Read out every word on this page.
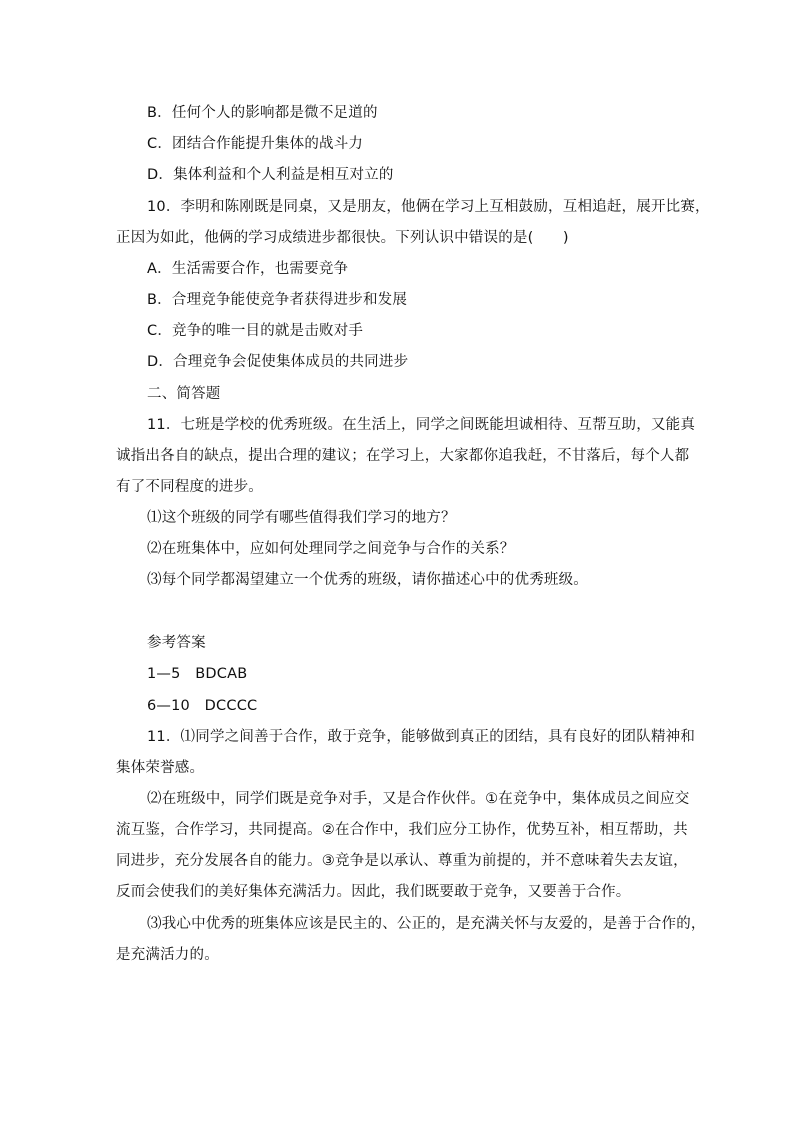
B．任何个人的影响都是微不足道的
C．团结合作能提升集体的战斗力
D．集体利益和个人利益是相互对立的
10．李明和陈刚既是同桌，又是朋友，他俩在学习上互相鼓励，互相追赶，展开比赛，
正因为如此，他俩的学习成绩进步都很快。下列认识中错误的是(　　)
A．生活需要合作，也需要竞争
B．合理竞争能使竞争者获得进步和发展
C．竞争的唯一目的就是击败对手
D．合理竞争会促使集体成员的共同进步
二、简答题
11．七班是学校的优秀班级。在生活上，同学之间既能坦诚相待、互帮互助，又能真
诚指出各自的缺点，提出合理的建议；在学习上，大家都你追我赶，不甘落后，每个人都
有了不同程度的进步。
⑴这个班级的同学有哪些值得我们学习的地方？
⑵在班集体中，应如何处理同学之间竞争与合作的关系？
⑶每个同学都渴望建立一个优秀的班级，请你描述心中的优秀班级。
参考答案
1—5　BDCAB
6—10　DCCCC
11．⑴同学之间善于合作，敢于竞争，能够做到真正的团结，具有良好的团队精神和
集体荣誉感。
⑵在班级中，同学们既是竞争对手，又是合作伙伴。①在竞争中，集体成员之间应交
流互鉴，合作学习，共同提高。②在合作中，我们应分工协作，优势互补，相互帮助，共
同进步，充分发展各自的能力。③竞争是以承认、尊重为前提的，并不意味着失去友谊，
反而会使我们的美好集体充满活力。因此，我们既要敢于竞争，又要善于合作。
⑶我心中优秀的班集体应该是民主的、公正的，是充满关怀与友爱的，是善于合作的，
是充满活力的。
